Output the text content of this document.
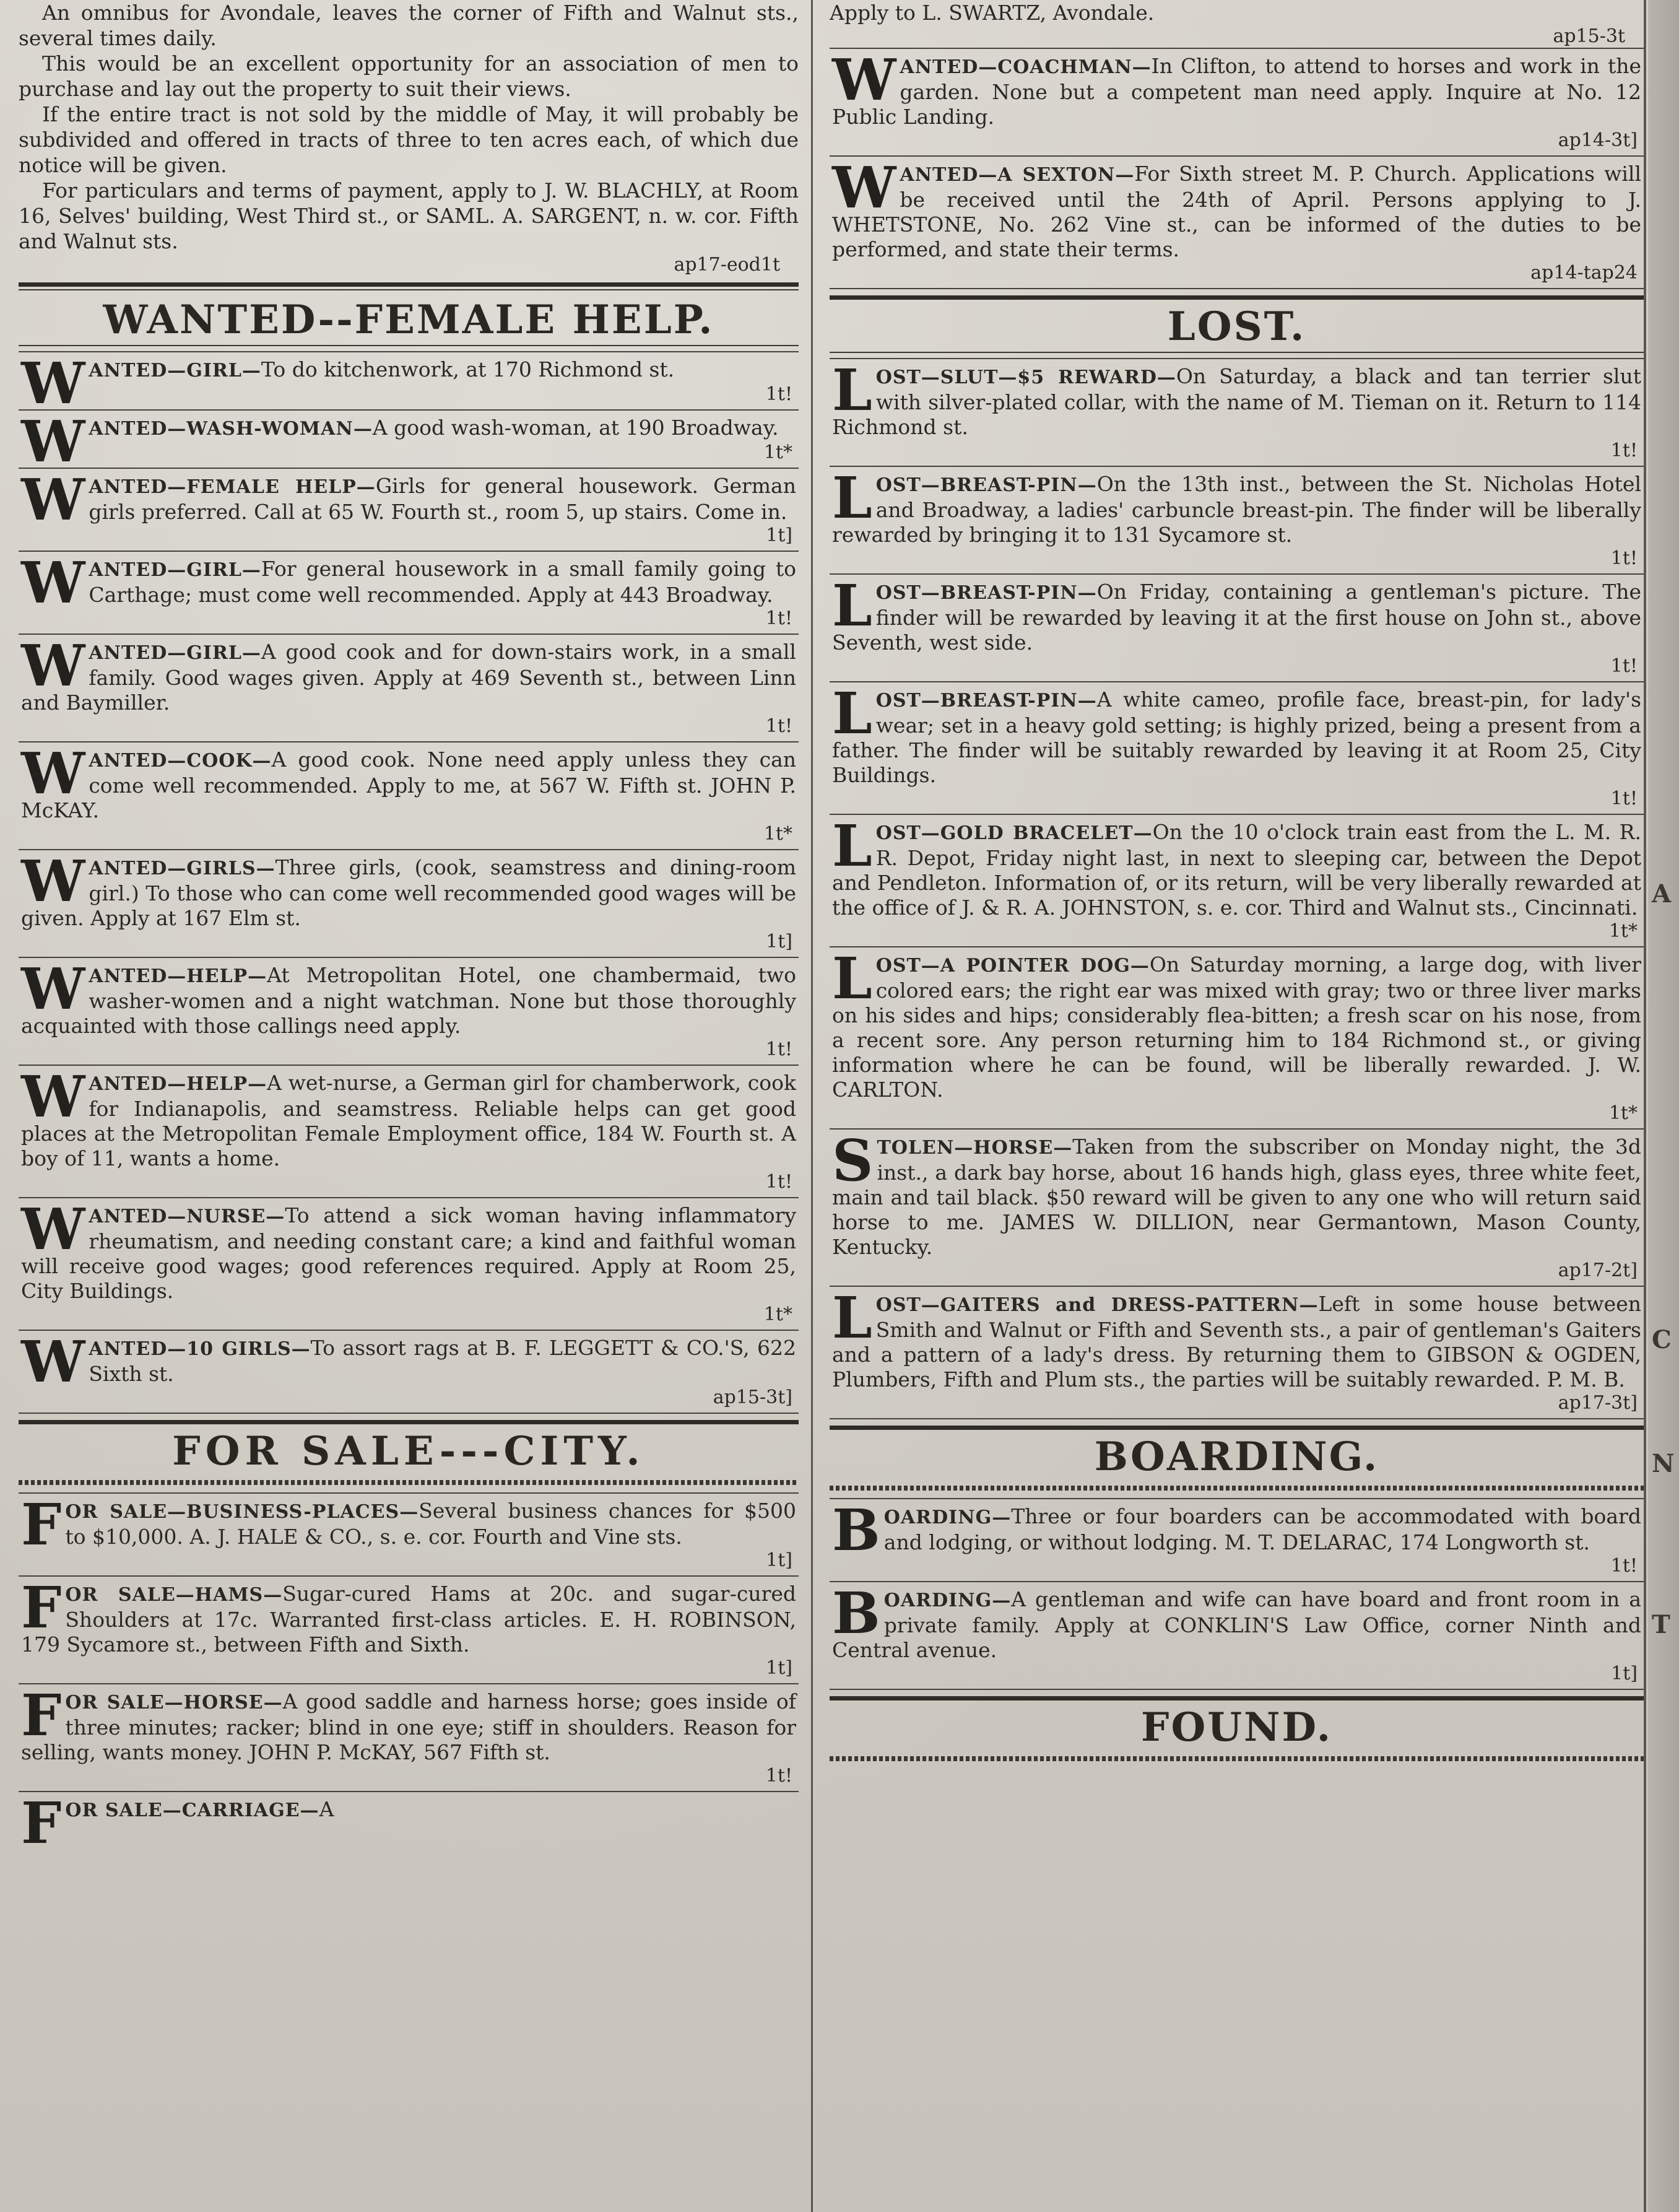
An omnibus for Avondale, leaves the corner of Fifth and Walnut sts., several times daily.

This would be an excellent opportunity for an association of men to purchase and lay out the property to suit their views.

If the entire tract is not sold by the middle of May, it will probably be subdivided and offered in tracts of three to ten acres each, of which due notice will be given.

For particulars and terms of payment, apply to J. W. BLACHLY, at Room 16, Selves' building, West Third st., or SAML. A. SARGENT, n. w. cor. Fifth and Walnut sts.

ap17-eod1t

WANTED--FEMALE HELP.
W ANTED—GIRL—To do kitchenwork, at 170 Richmond st.

1t!

W ANTED—WASH-WOMAN—A good wash-woman, at 190 Broadway.

1t*

W ANTED—FEMALE HELP—Girls for general housework. German girls preferred. Call at 65 W. Fourth st., room 5, up stairs. Come in.

1t]

W ANTED—GIRL—For general housework in a small family going to Carthage; must come well recommended. Apply at 443 Broadway.

1t!

W ANTED—GIRL—A good cook and for down-stairs work, in a small family. Good wages given. Apply at 469 Seventh st., between Linn and Baymiller.

1t!

W ANTED—COOK—A good cook. None need apply unless they can come well recommended. Apply to me, at 567 W. Fifth st. JOHN P. McKAY.

1t*

W ANTED—GIRLS—Three girls, (cook, seamstress and dining-room girl.) To those who can come well recommended good wages will be given. Apply at 167 Elm st.

1t]

W ANTED—HELP—At Metropolitan Hotel, one chambermaid, two washer-women and a night watchman. None but those thoroughly acquainted with those callings need apply.

1t!

W ANTED—HELP—A wet-nurse, a German girl for chamberwork, cook for Indianapolis, and seamstress. Reliable helps can get good places at the Metropolitan Female Employment office, 184 W. Fourth st. A boy of 11, wants a home.

1t!

W ANTED—NURSE—To attend a sick woman having inflammatory rheumatism, and needing constant care; a kind and faithful woman will receive good wages; good references required. Apply at Room 25, City Buildings.

1t*

W ANTED—10 GIRLS—To assort rags at B. F. LEGGETT & CO.'S, 622 Sixth st.

ap15-3t]

FOR SALE---CITY.
F OR SALE—BUSINESS-PLACES—Several business chances for $500 to $10,000. A. J. HALE & CO., s. e. cor. Fourth and Vine sts.

1t]

F OR SALE—HAMS—Sugar-cured Hams at 20c. and sugar-cured Shoulders at 17c. Warranted first-class articles. E. H. ROBINSON, 179 Sycamore st., between Fifth and Sixth.

1t]

F OR SALE—HORSE—A good saddle and harness horse; goes inside of three minutes; racker; blind in one eye; stiff in shoulders. Reason for selling, wants money. JOHN P. McKAY, 567 Fifth st.

1t!

F OR SALE—CARRIAGE—A

Apply to L. SWARTZ, Avondale.

ap15-3t

W ANTED—COACHMAN—In Clifton, to attend to horses and work in the garden. None but a competent man need apply. Inquire at No. 12 Public Landing.

ap14-3t]

W ANTED—A SEXTON—For Sixth street M. P. Church. Applications will be received until the 24th of April. Persons applying to J. WHETSTONE, No. 262 Vine st., can be informed of the duties to be performed, and state their terms.

ap14-tap24

LOST.
L OST—SLUT—$5 REWARD—On Saturday, a black and tan terrier slut with silver-plated collar, with the name of M. Tieman on it. Return to 114 Richmond st.

1t!

L OST—BREAST-PIN—On the 13th inst., between the St. Nicholas Hotel and Broadway, a ladies' carbuncle breast-pin. The finder will be liberally rewarded by bringing it to 131 Sycamore st.

1t!

L OST—BREAST-PIN—On Friday, containing a gentleman's picture. The finder will be rewarded by leaving it at the first house on John st., above Seventh, west side.

1t!

L OST—BREAST-PIN—A white cameo, profile face, breast-pin, for lady's wear; set in a heavy gold setting; is highly prized, being a present from a father. The finder will be suitably rewarded by leaving it at Room 25, City Buildings.

1t!

L OST—GOLD BRACELET—On the 10 o'clock train east from the L. M. R. R. Depot, Friday night last, in next to sleeping car, between the Depot and Pendleton. Information of, or its return, will be very liberally rewarded at the office of J. & R. A. JOHNSTON, s. e. cor. Third and Walnut sts., Cincinnati.

1t*

L OST—A POINTER DOG—On Saturday morning, a large dog, with liver colored ears; the right ear was mixed with gray; two or three liver marks on his sides and hips; considerably flea-bitten; a fresh scar on his nose, from a recent sore. Any person returning him to 184 Richmond st., or giving information where he can be found, will be liberally rewarded. J. W. CARLTON.

1t*

S TOLEN—HORSE—Taken from the subscriber on Monday night, the 3d inst., a dark bay horse, about 16 hands high, glass eyes, three white feet, main and tail black. $50 reward will be given to any one who will return said horse to me. JAMES W. DILLION, near Germantown, Mason County, Kentucky.

ap17-2t]

L OST—GAITERS and DRESS-PATTERN—Left in some house between Smith and Walnut or Fifth and Seventh sts., a pair of gentleman's Gaiters and a pattern of a lady's dress. By returning them to GIBSON & OGDEN, Plumbers, Fifth and Plum sts., the parties will be suitably rewarded. P. M. B.

ap17-3t]

BOARDING.
B OARDING—Three or four boarders can be accommodated with board and lodging, or without lodging. M. T. DELARAC, 174 Longworth st.

1t!

B OARDING—A gentleman and wife can have board and front room in a private family. Apply at CONKLIN'S Law Office, corner Ninth and Central avenue.

1t]

FOUND.
A
N
C
T
